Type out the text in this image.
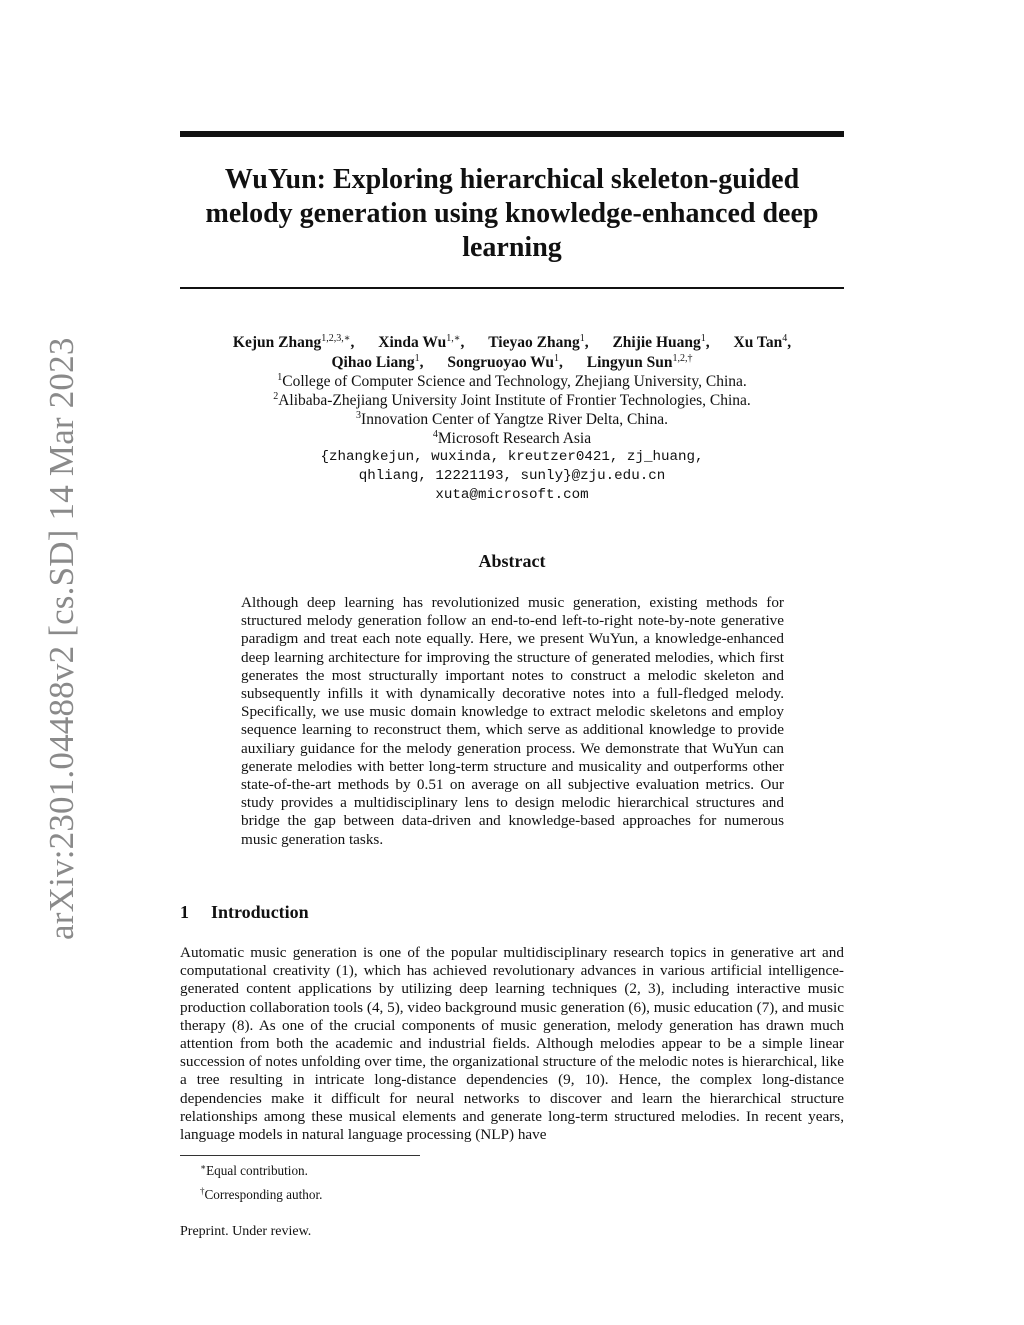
arXiv:2301.04488v2 [cs.SD] 14 Mar 2023
WuYun: Exploring hierarchical skeleton-guided
melody generation using knowledge-enhanced deep
learning
Kejun Zhang$^{1,2,3,∗}$, Xinda $Wu^{1,∗}$, Tieyao Zhang$^1$, Zhijie Huang$^1$, Xu Tan$^4$,
Qihao Liang$^1$, Songruoyao Wu$^1$, Lingyun Sun$^{1,2,\dagger}$
$^1$College of Computer Science and Technology, Zhejiang University, China.
$^2$Alibaba-Zhejiang University Joint Institute of Frontier Technologies, China.
$^3$Innovation Center of Yangtze River Delta, China.
$^4$Microsoft Research Asia
{zhangkejun, wuxinda, kreutzer0421, zj_huang,
qhliang, 12221193, sunly}@zju.edu.cn
xuta@microsoft.com
Abstract
Although deep learning has revolutionized music generation, existing methods for structured melody generation follow an end-to-end left-to-right note-by-note generative paradigm and treat each note equally. Here, we present WuYun, a knowledge-enhanced deep learning architecture for improving the structure of generated melodies, which first generates the most structurally important notes to construct a melodic skeleton and subsequently infills it with dynamically decorative notes into a full-fledged melody. Specifically, we use music domain knowledge to extract melodic skeletons and employ sequence learning to reconstruct them, which serve as additional knowledge to provide auxiliary guidance for the melody generation process. We demonstrate that WuYun can generate melodies with better long-term structure and musicality and outperforms other state-of-the-art methods by 0.51 on average on all subjective evaluation metrics. Our study provides a multidisciplinary lens to design melodic hierarchical structures and bridge the gap between data-driven and knowledge-based approaches for numerous music generation tasks.
1 Introduction
Automatic music generation is one of the popular multidisciplinary research topics in generative art and computational creativity (1), which has achieved revolutionary advances in various artificial intelligence-generated content applications by utilizing deep learning techniques (2, 3), including interactive music production collaboration tools (4, 5), video background music generation (6), music education (7), and music therapy (8). As one of the crucial components of music generation, melody generation has drawn much attention from both the academic and industrial fields. Although melodies appear to be a simple linear succession of notes unfolding over time, the organizational structure of the melodic notes is hierarchical, like a tree resulting in intricate long-distance dependencies (9, 10). Hence, the complex long-distance dependencies make it difficult for neural networks to discover and learn the hierarchical structure relationships among these musical elements and generate long-term structured melodies. In recent years, language models in natural language processing (NLP) have
∗Equal contribution.
†Corresponding author.
Preprint. Under review.
